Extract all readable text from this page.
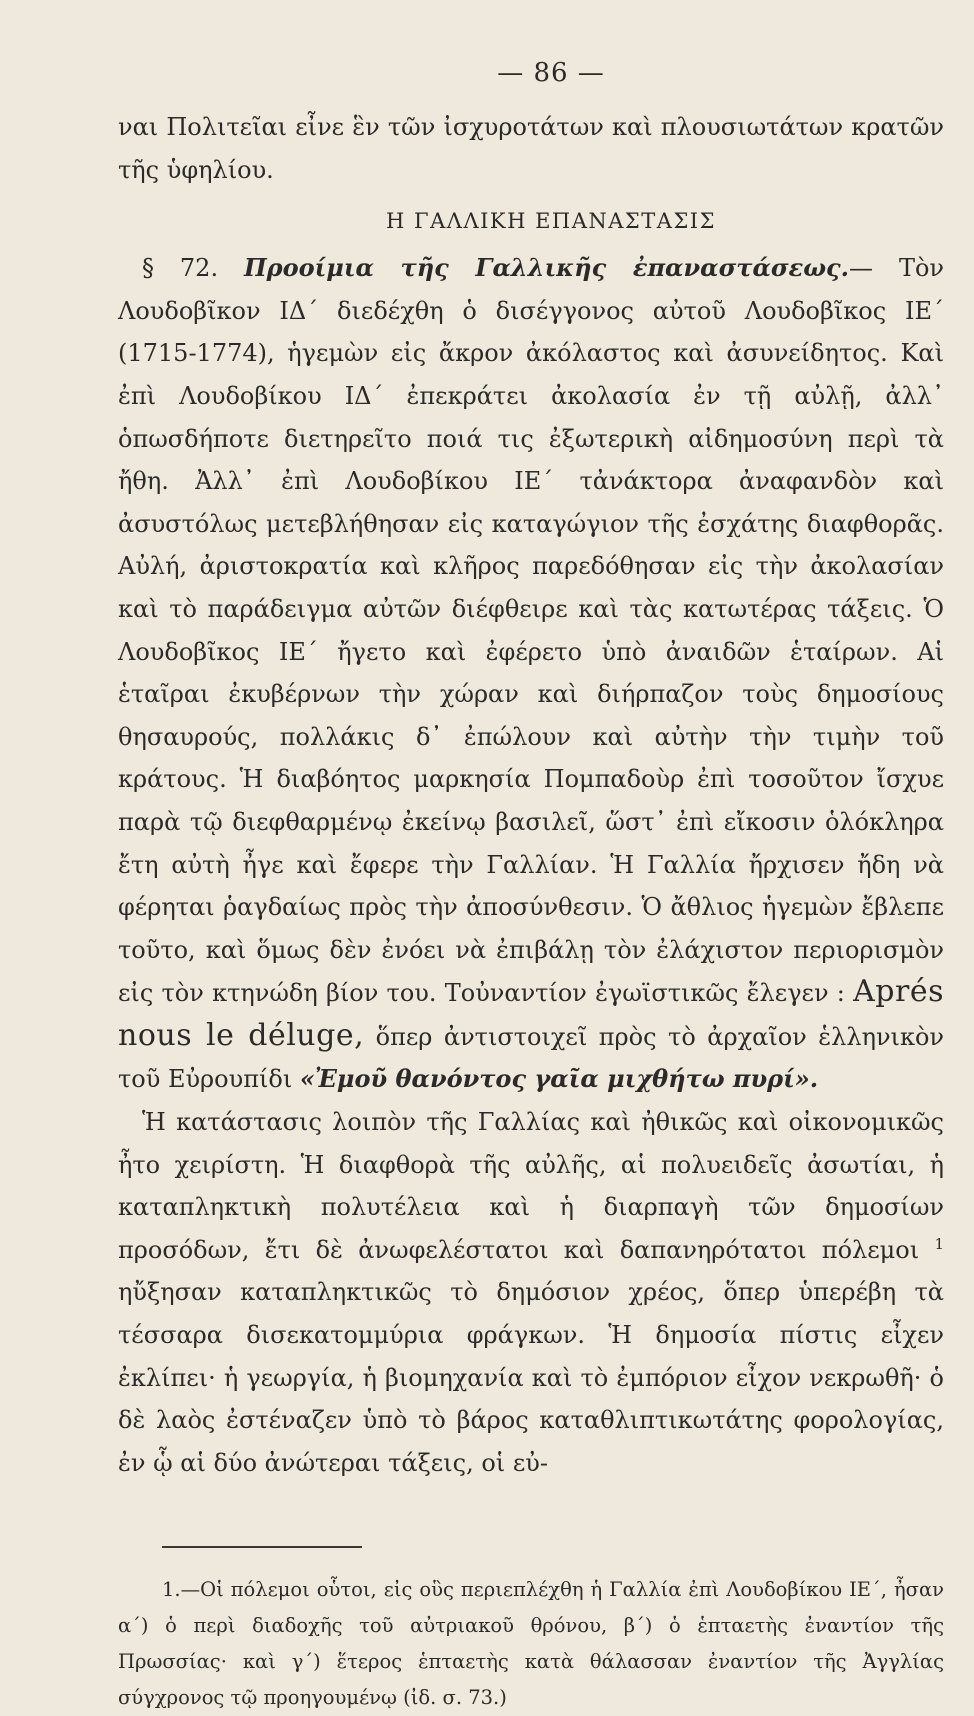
— 86 —

ναι Πολιτεῖαι εἶνε ἓν τῶν ἰσχυροτάτων καὶ πλουσιωτάτων κρατῶν τῆς ὑφηλίου.

Η ΓΑΛΛΙΚΗ ΕΠΑΝΑΣΤΑΣΙΣ

§ 72. Προοίμια τῆς Γαλλικῆς ἐπαναστάσεως.— Τὸν Λουδοβῖκον ΙΔ΄ διεδέχθη ὁ δισέγγονος αὐτοῦ Λουδοβῖκος ΙΕ΄ (1715-1774), ἡγεμὼν εἰς ἄκρον ἀκόλαστος καὶ ἀσυνείδητος. Καὶ ἐπὶ Λουδοβίκου ΙΔ΄ ἐπεκράτει ἀκολασία ἐν τῇ αὐλῇ, ἀλλ᾽ ὁπωσδήποτε διετηρεῖτο ποιά τις ἐξωτερικὴ αἰδημοσύνη περὶ τὰ ἤθη. Ἀλλ᾽ ἐπὶ Λουδοβίκου ΙΕ΄ τἀνάκτορα ἀναφανδὸν καὶ ἀσυστόλως μετεβλήθησαν εἰς καταγώγιον τῆς ἐσχάτης διαφθορᾶς. Αὐλή, ἀριστοκρατία καὶ κλῆρος παρεδόθησαν εἰς τὴν ἀκολασίαν καὶ τὸ παράδειγμα αὐτῶν διέφθειρε καὶ τὰς κατωτέρας τάξεις. Ὁ Λουδοβῖκος ΙΕ΄ ἤγετο καὶ ἐφέρετο ὑπὸ ἀναιδῶν ἑταίρων. Αἱ ἑταῖραι ἐκυβέρνων τὴν χώραν καὶ διήρπαζον τοὺς δημοσίους θησαυρούς, πολλάκις δ᾽ ἐπώλουν καὶ αὐτὴν τὴν τιμὴν τοῦ κράτους. Ἡ διαβόητος μαρκησία Πομπαδοὺρ ἐπὶ τοσοῦτον ἴσχυε παρὰ τῷ διεφθαρμένῳ ἐκείνῳ βασιλεῖ, ὥστ᾽ ἐπὶ εἴκοσιν ὁλόκληρα ἔτη αὐτὴ ἦγε καὶ ἔφερε τὴν Γαλλίαν. Ἡ Γαλλία ἤρχισεν ἤδη νὰ φέρηται ῥαγδαίως πρὸς τὴν ἀποσύνθεσιν. Ὁ ἄθλιος ἡγεμὼν ἔβλεπε τοῦτο, καὶ ὅμως δὲν ἐνόει νὰ ἐπιβάλῃ τὸν ἐλάχιστον περιορισμὸν εἰς τὸν κτηνώδη βίον του. Τοὐναντίον ἐγωϊστικῶς ἔλεγεν : Aprés nous le déluge, ὅπερ ἀντιστοιχεῖ πρὸς τὸ ἀρχαῖον ἑλληνικὸν τοῦ Εὐρουπίδι «Ἐμοῦ θανόντος γαῖα μιχθήτω πυρί».

Ἡ κατάστασις λοιπὸν τῆς Γαλλίας καὶ ἠθικῶς καὶ οἰκονομικῶς ἦτο χειρίστη. Ἡ διαφθορὰ τῆς αὐλῆς, αἱ πολυειδεῖς ἀσωτίαι, ἡ καταπληκτικὴ πολυτέλεια καὶ ἡ διαρπαγὴ τῶν δημοσίων προσόδων, ἔτι δὲ ἀνωφελέστατοι καὶ δαπανηρότατοι πόλεμοι $^1$ ηὔξησαν καταπληκτικῶς τὸ δημόσιον χρέος, ὅπερ ὑπερέβη τὰ τέσσαρα δισεκατομμύρια φράγκων. Ἡ δημοσία πίστις εἶχεν ἐκλίπει· ἡ γεωργία, ἡ βιομηχανία καὶ τὸ ἐμπόριον εἶχον νεκρωθῆ· ὁ δὲ λαὸς ἐστέναζεν ὑπὸ τὸ βάρος καταθλιπτικωτάτης φορολογίας, ἐν ᾧ αἱ δύο ἀνώτεραι τάξεις, οἱ εὐ-

1.—Οἱ πόλεμοι οὗτοι, εἰς οὓς περιεπλέχθη ἡ Γαλλία ἐπὶ Λουδοβίκου ΙΕ΄, ἦσαν α΄) ὁ περὶ διαδοχῆς τοῦ αὐτριακοῦ θρόνου, β΄) ὁ ἑπταετὴς ἐναντίον τῆς Πρωσσίας· καὶ γ΄) ἕτερος ἑπταετὴς κατὰ θάλασσαν ἐναντίον τῆς Ἀγγλίας σύγχρονος τῷ προηγουμένῳ (ἰδ. σ. 73.)
